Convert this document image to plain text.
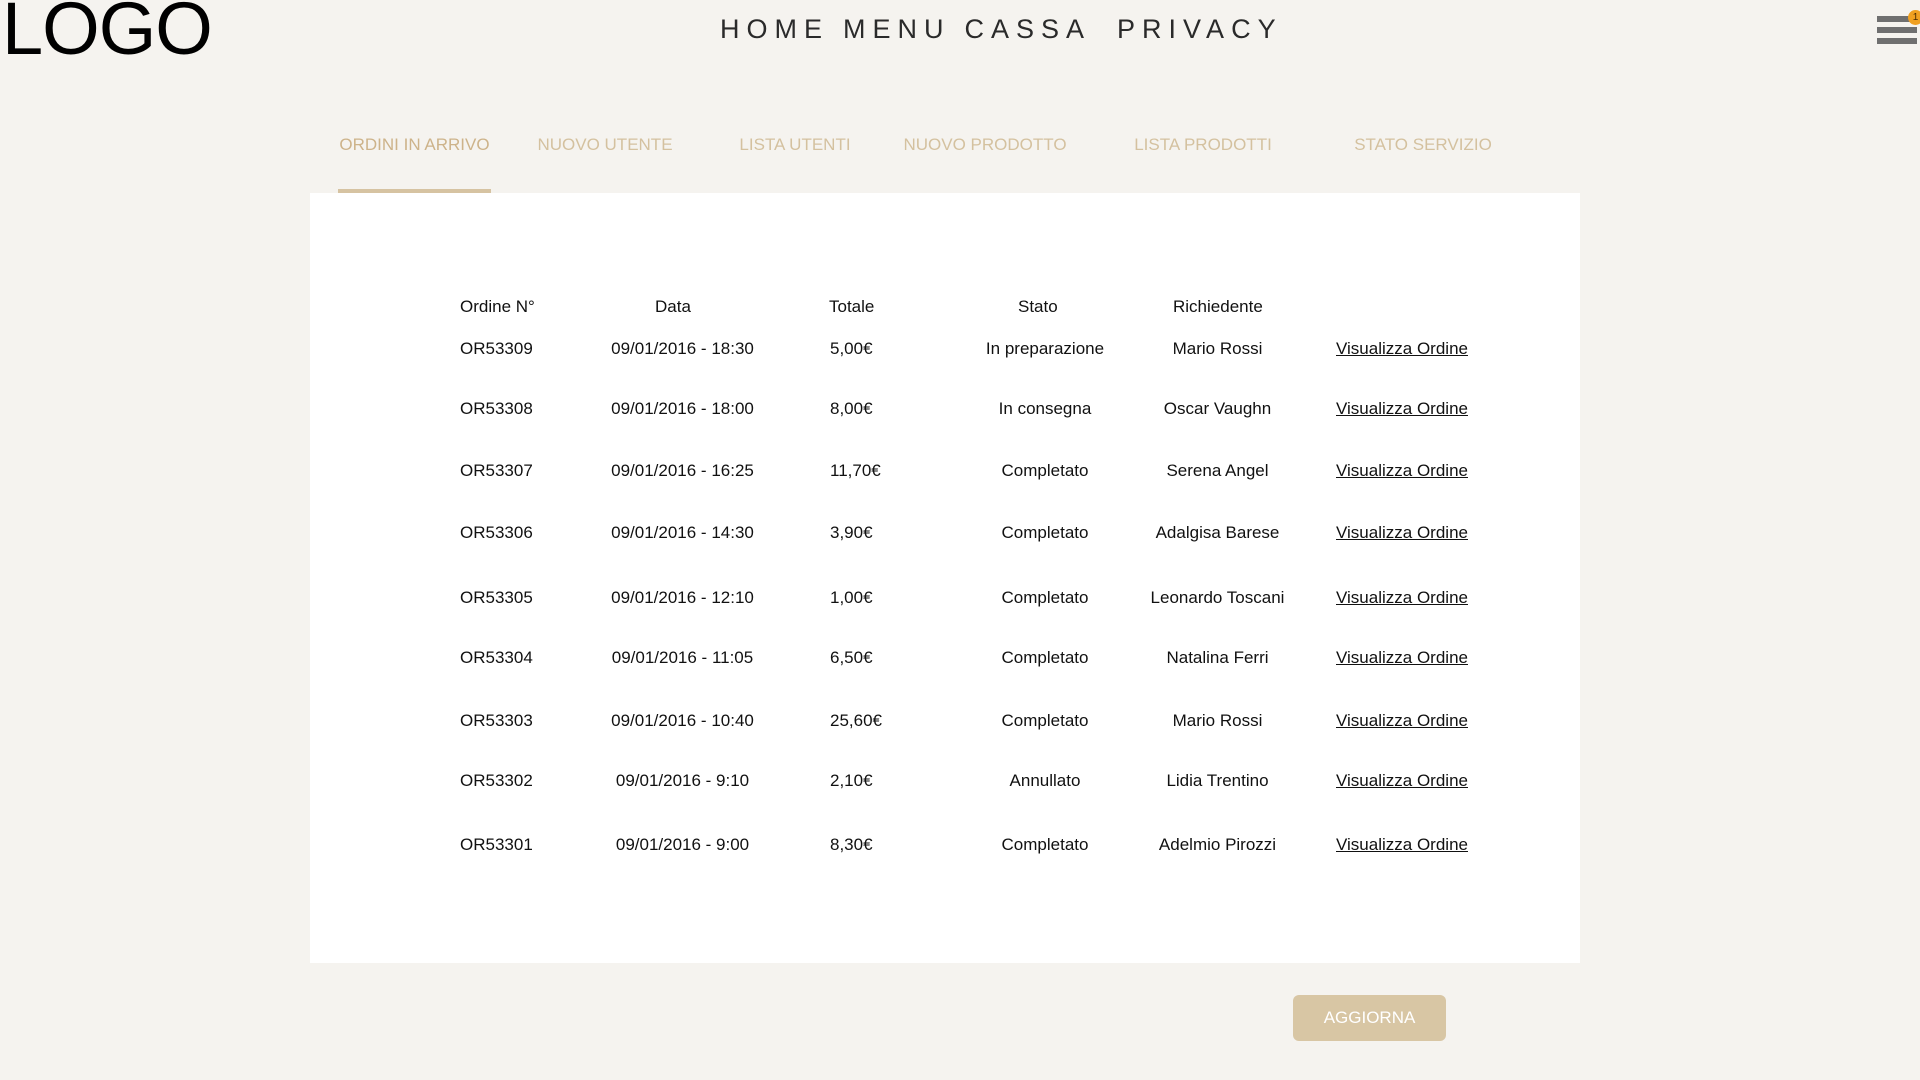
LOGO	HOME MENU CASSA PRIVACY	1
ORDINI IN ARRIVO	NUOVO UTENTE	LISTA UTENTI	NUOVO PRODOTTO	LISTA PRODOTTI	STATO SERVIZIO
Ordine N°	Data	Totale	Stato	Richiedente
OR53309	09/01/2016 - 18:30	5,00€	In preparazione	Mario Rossi	Visualizza Ordine
OR53308	09/01/2016 - 18:00	8,00€	In consegna	Oscar Vaughn	Visualizza Ordine
OR53307	09/01/2016 - 16:25	11,70€	Completato	Serena Angel	Visualizza Ordine
OR53306	09/01/2016 - 14:30	3,90€	Completato	Adalgisa Barese	Visualizza Ordine
OR53305	09/01/2016 - 12:10	1,00€	Completato	Leonardo Toscani	Visualizza Ordine
OR53304	09/01/2016 - 11:05	6,50€	Completato	Natalina Ferri	Visualizza Ordine
OR53303	09/01/2016 - 10:40	25,60€	Completato	Mario Rossi	Visualizza Ordine
OR53302	09/01/2016 - 9:10	2,10€	Annullato	Lidia Trentino	Visualizza Ordine
OR53301	09/01/2016 - 9:00	8,30€	Completato	Adelmio Pirozzi	Visualizza Ordine
AGGIORNA
